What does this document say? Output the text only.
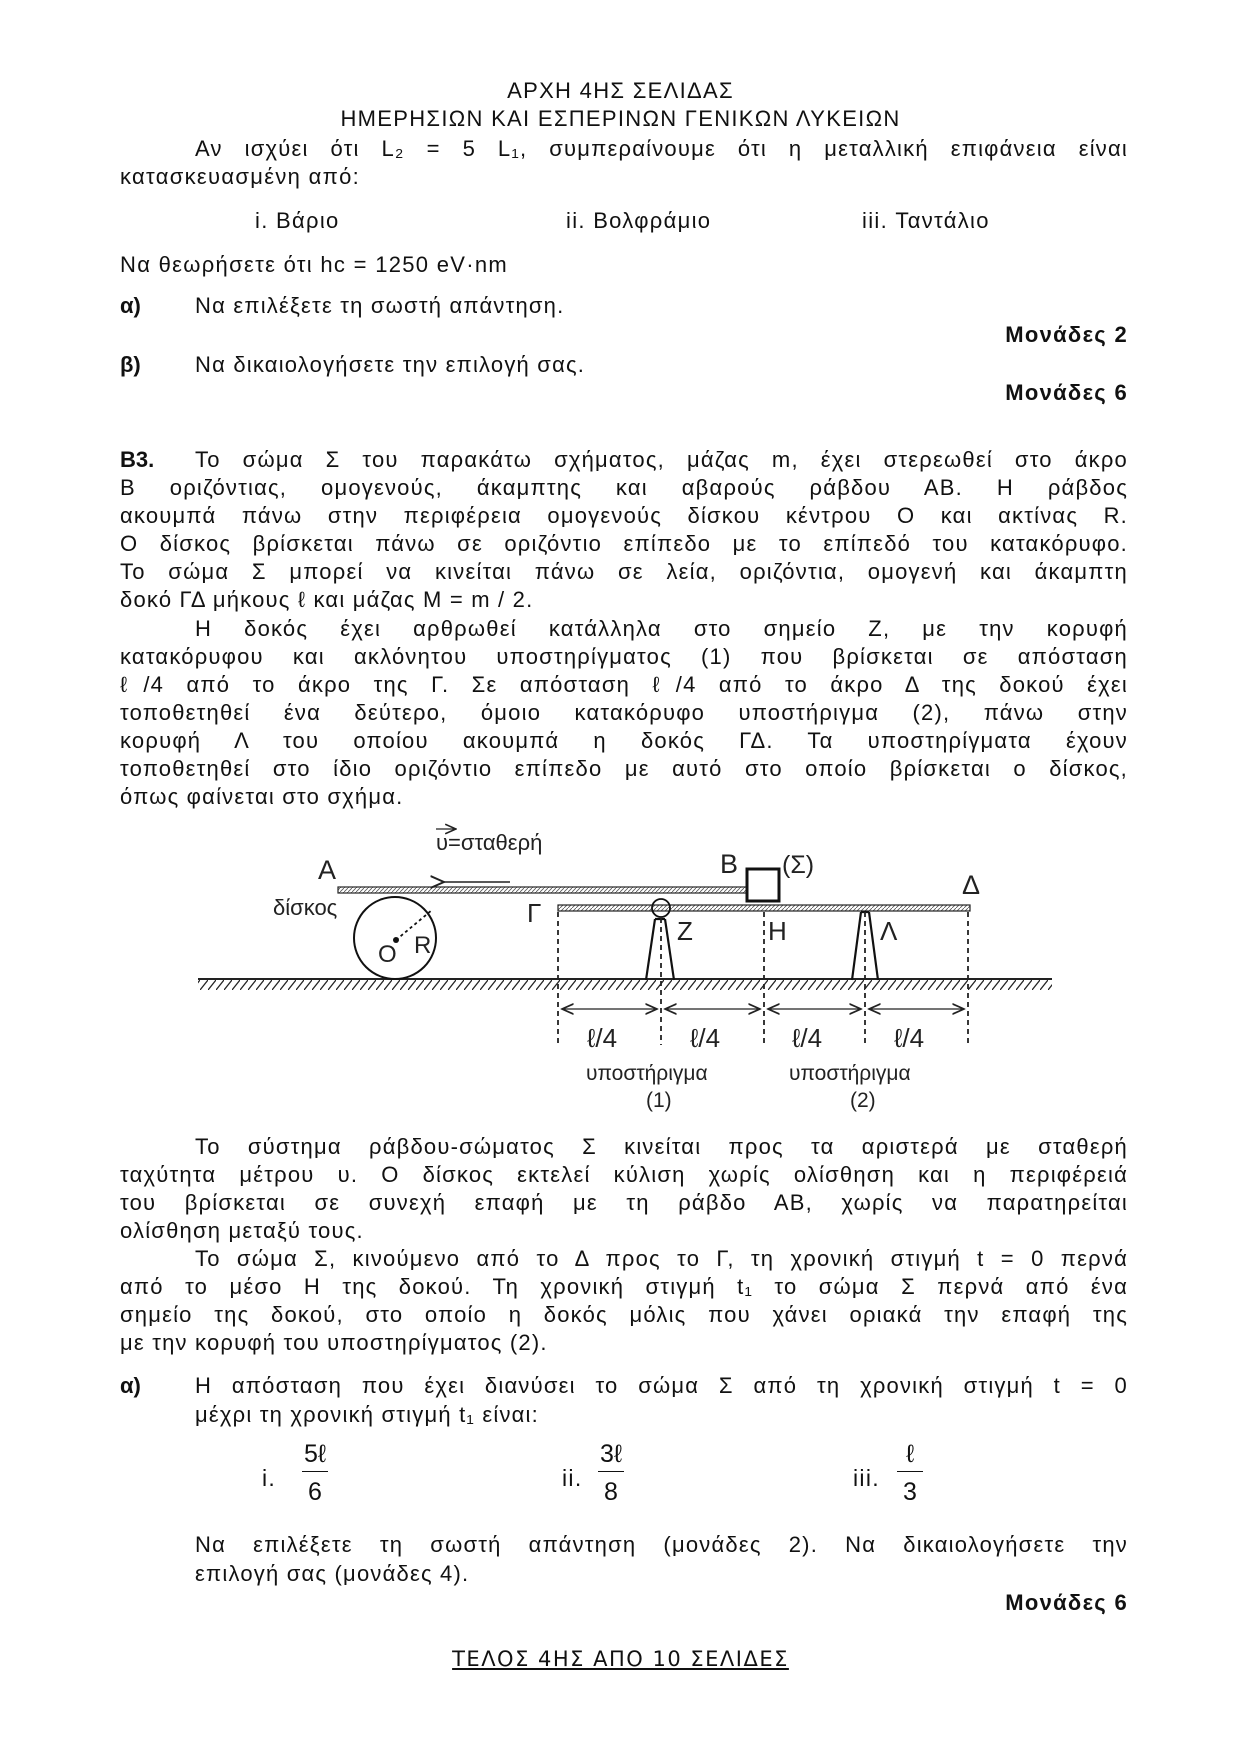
ΑΡΧΗ 4ΗΣ ΣΕΛΙΔΑΣ
ΗΜΕΡΗΣΙΩΝ ΚΑΙ ΕΣΠΕΡΙΝΩΝ ΓΕΝΙΚΩΝ ΛΥΚΕΙΩΝ
Αν ισχύει ότι L₂ = 5 L₁, συμπεραίνουμε ότι η μεταλλική επιφάνεια είναι
κατασκευασμένη από:
i. Βάριο	ii. Βολφράμιο	iii. Ταντάλιο
Να θεωρήσετε ότι hc = 1250 eV·nm
α) Να επιλέξετε τη σωστή απάντηση.
Μονάδες 2
β) Να δικαιολογήσετε την επιλογή σας.
Μονάδες 6
Β3. Το σώμα Σ του παρακάτω σχήματος, μάζας m, έχει στερεωθεί στο άκρο
Β οριζόντιας, ομογενούς, άκαμπτης και αβαρούς ράβδου ΑΒ. Η ράβδος
ακουμπά πάνω στην περιφέρεια ομογενούς δίσκου κέντρου Ο και ακτίνας R.
Ο δίσκος βρίσκεται πάνω σε οριζόντιο επίπεδο με το επίπεδό του κατακόρυφο.
Το σώμα Σ μπορεί να κινείται πάνω σε λεία, οριζόντια, ομογενή και άκαμπτη
δοκό ΓΔ μήκους ℓ και μάζας Μ = m / 2.
Η δοκός έχει αρθρωθεί κατάλληλα στο σημείο Ζ, με την κορυφή
κατακόρυφου και ακλόνητου υποστηρίγματος (1) που βρίσκεται σε απόσταση
ℓ/4 από το άκρο της Γ. Σε απόσταση ℓ/4 από το άκρο Δ της δοκού έχει
τοποθετηθεί ένα δεύτερο, όμοιο κατακόρυφο υποστήριγμα (2), πάνω στην
κορυφή Λ του οποίου ακουμπά η δοκός ΓΔ. Τα υποστηρίγματα έχουν
τοποθετηθεί στο ίδιο οριζόντιο επίπεδο με αυτό στο οποίο βρίσκεται ο δίσκος,
όπως φαίνεται στο σχήμα.
υ=σταθερή
Α	Β (Σ)
Δ
δίσκος
Ο R
Γ
Ζ	Η	Λ
ℓ/4	ℓ/4	ℓ/4	ℓ/4
υποστήριγμα	υποστήριγμα
(1)	(2)
Το σύστημα ράβδου-σώματος Σ κινείται προς τα αριστερά με σταθερή
ταχύτητα μέτρου υ. Ο δίσκος εκτελεί κύλιση χωρίς ολίσθηση και η περιφέρειά
του βρίσκεται σε συνεχή επαφή με τη ράβδο ΑΒ, χωρίς να παρατηρείται
ολίσθηση μεταξύ τους.
Το σώμα Σ, κινούμενο από το Δ προς το Γ, τη χρονική στιγμή t = 0 περνά
από το μέσο Η της δοκού. Τη χρονική στιγμή t₁ το σώμα Σ περνά από ένα
σημείο της δοκού, στο οποίο η δοκός μόλις που χάνει οριακά την επαφή της
με την κορυφή του υποστηρίγματος (2).
α) Η απόσταση που έχει διανύσει το σώμα Σ από τη χρονική στιγμή t = 0
μέχρι τη χρονική στιγμή t₁ είναι:
i.
5ℓ
6	ii.
3ℓ
8	iii.
ℓ
3
Να επιλέξετε τη σωστή απάντηση (μονάδες 2). Να δικαιολογήσετε την
επιλογή σας (μονάδες 4).
Μονάδες 6
ΤΕΛΟΣ 4ΗΣ ΑΠΟ 10 ΣΕΛΙΔΕΣ
